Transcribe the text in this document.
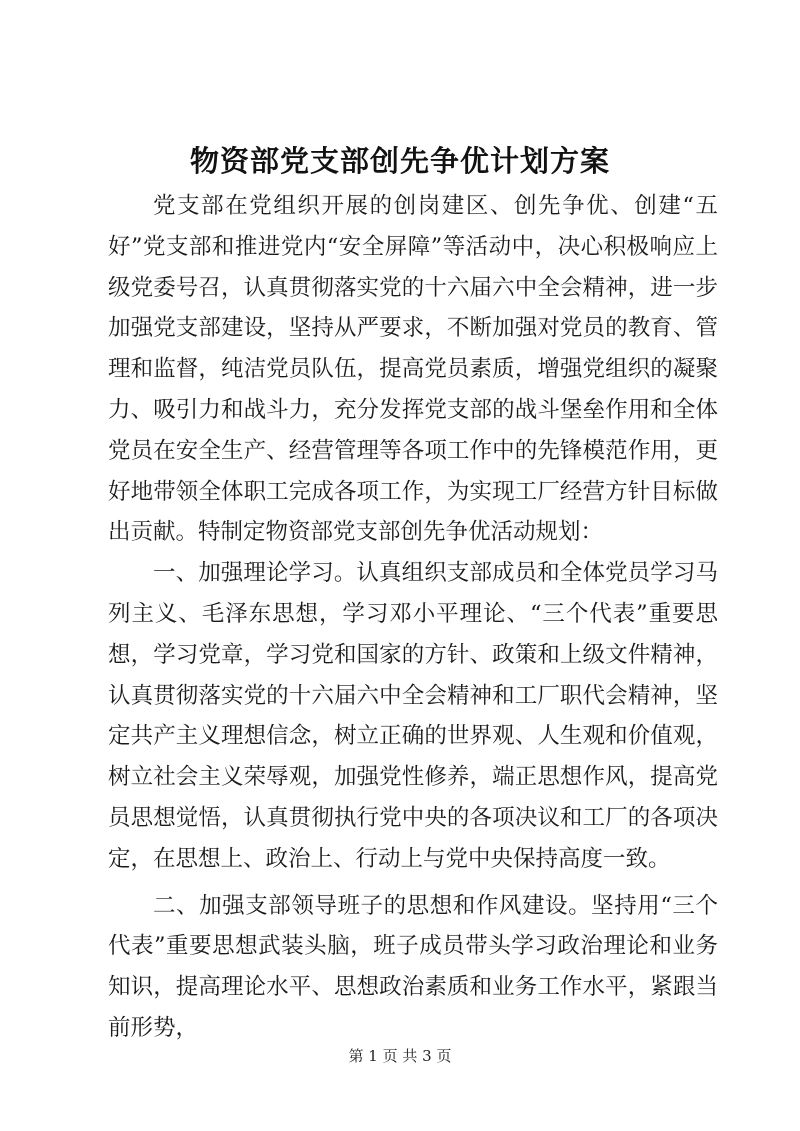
物资部党支部创先争优计划方案

党支部在党组织开展的创岗建区、创先争优、创建“五好”党支部和推进党内“安全屏障”等活动中，决心积极响应上级党委号召，认真贯彻落实党的十六届六中全会精神，进一步加强党支部建设，坚持从严要求，不断加强对党员的教育、管理和监督，纯洁党员队伍，提高党员素质，增强党组织的凝聚力、吸引力和战斗力，充分发挥党支部的战斗堡垒作用和全体党员在安全生产、经营管理等各项工作中的先锋模范作用，更好地带领全体职工完成各项工作，为实现工厂经营方针目标做出贡献。特制定物资部党支部创先争优活动规划：

一、加强理论学习。认真组织支部成员和全体党员学习马列主义、毛泽东思想，学习邓小平理论、“三个代表”重要思想，学习党章，学习党和国家的方针、政策和上级文件精神，认真贯彻落实党的十六届六中全会精神和工厂职代会精神，坚定共产主义理想信念，树立正确的世界观、人生观和价值观，树立社会主义荣辱观，加强党性修养，端正思想作风，提高党员思想觉悟，认真贯彻执行党中央的各项决议和工厂的各项决定，在思想上、政治上、行动上与党中央保持高度一致。

二、加强支部领导班子的思想和作风建设。坚持用“三个代表”重要思想武装头脑，班子成员带头学习政治理论和业务知识，提高理论水平、思想政治素质和业务工作水平，紧跟当前形势，

第 1 页 共 3 页
